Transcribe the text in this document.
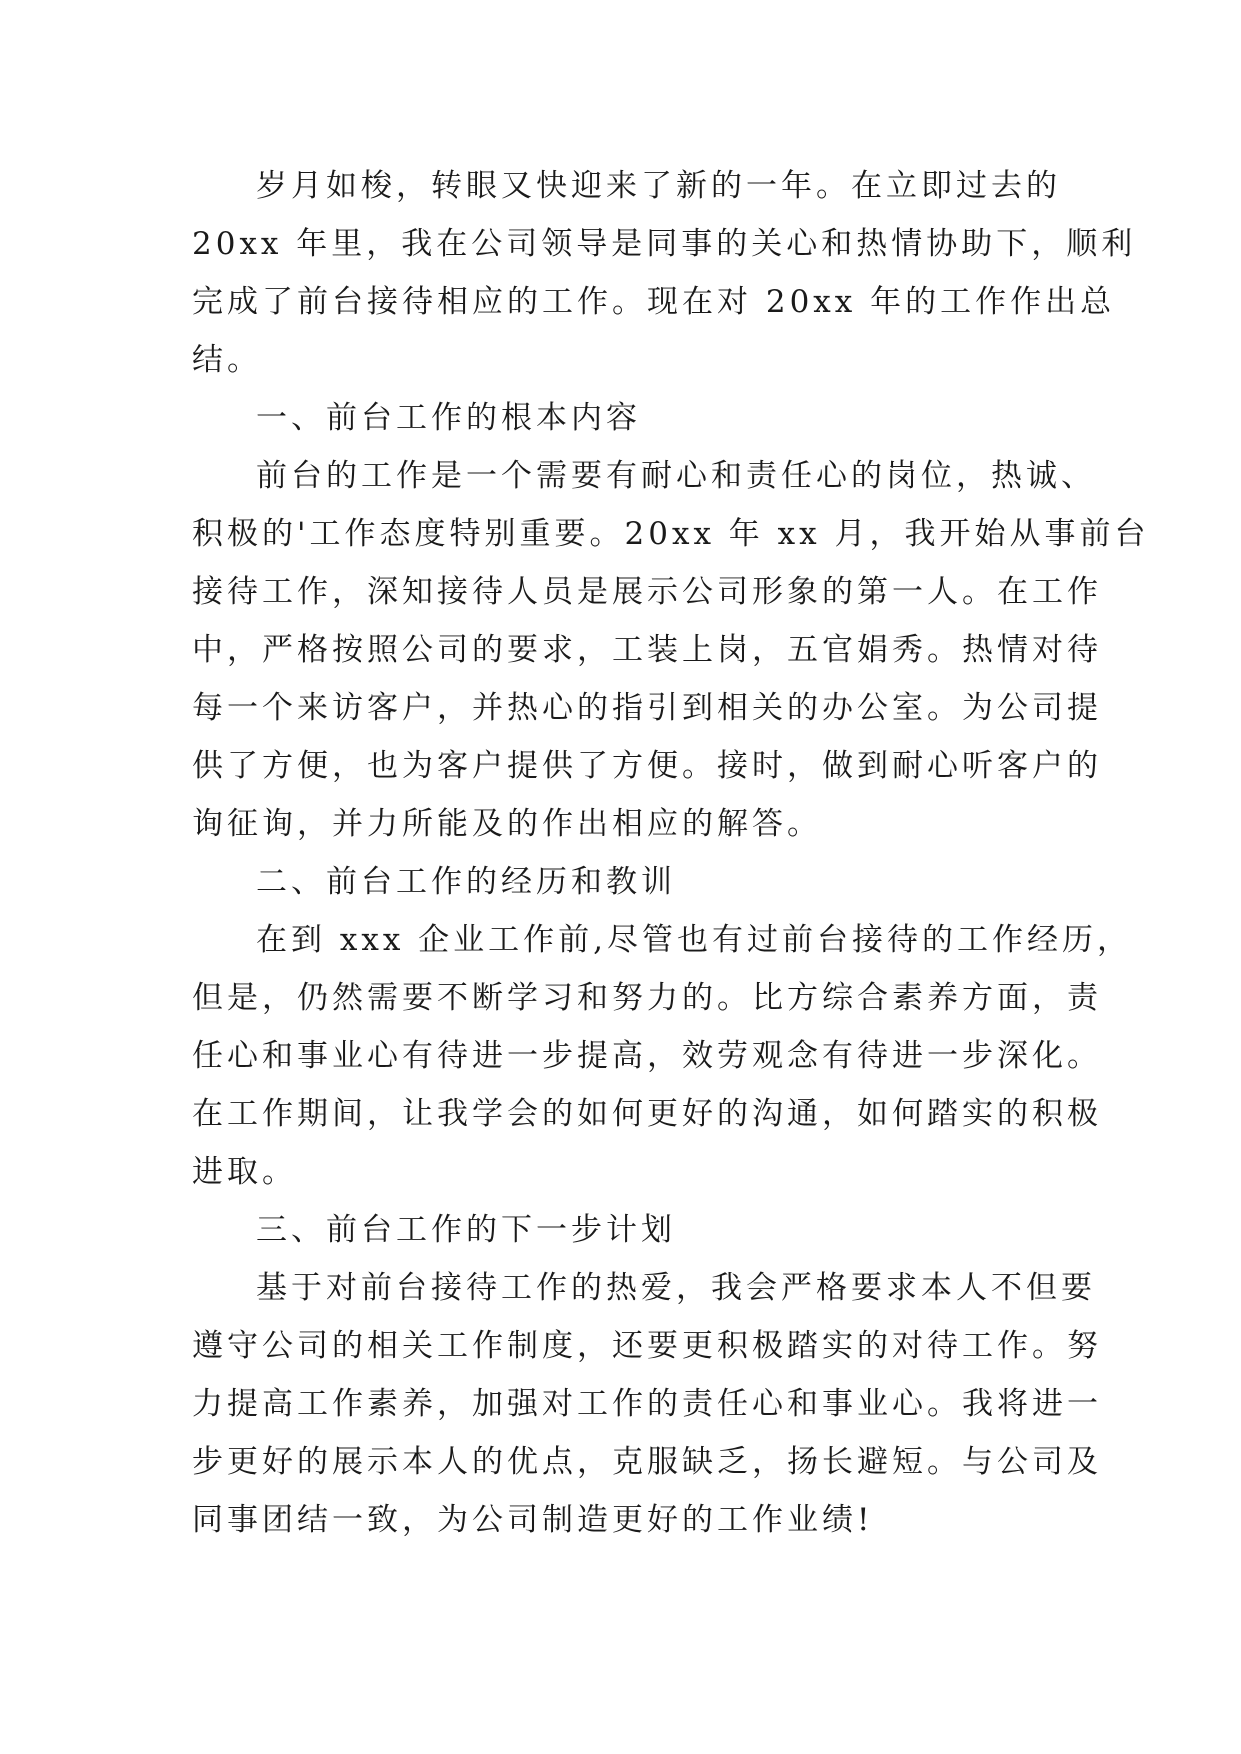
岁月如梭，转眼又快迎来了新的一年。在立即过去的
20xx 年里，我在公司领导是同事的关心和热情协助下，顺利
完成了前台接待相应的工作。现在对 20xx 年的工作作出总
结。
一、前台工作的根本内容
前台的工作是一个需要有耐心和责任心的岗位，热诚、
积极的'工作态度特别重要。20xx 年 xx 月，我开始从事前台
接待工作，深知接待人员是展示公司形象的第一人。在工作
中，严格按照公司的要求，工装上岗，五官娟秀。热情对待
每一个来访客户，并热心的指引到相关的办公室。为公司提
供了方便，也为客户提供了方便。接时，做到耐心听客户的
询征询，并力所能及的作出相应的解答。
二、前台工作的经历和教训
在到 xxx 企业工作前,尽管也有过前台接待的工作经历，
但是，仍然需要不断学习和努力的。比方综合素养方面，责
任心和事业心有待进一步提高，效劳观念有待进一步深化。
在工作期间，让我学会的如何更好的沟通，如何踏实的积极
进取。
三、前台工作的下一步计划
基于对前台接待工作的热爱，我会严格要求本人不但要
遵守公司的相关工作制度，还要更积极踏实的对待工作。努
力提高工作素养，加强对工作的责任心和事业心。我将进一
步更好的展示本人的优点，克服缺乏，扬长避短。与公司及
同事团结一致，为公司制造更好的工作业绩!
